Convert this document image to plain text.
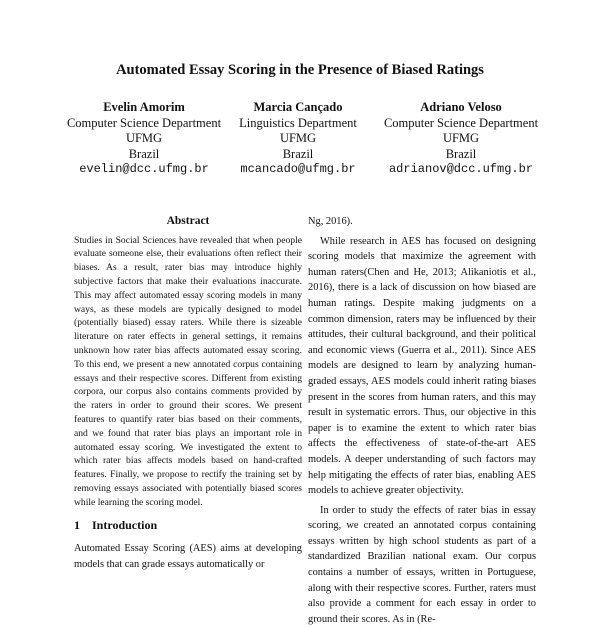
Automated Essay Scoring in the Presence of Biased Ratings
Evelin Amorim
Computer Science Department
UFMG
Brazil
evelin@dcc.ufmg.br
Marcia Cançado
Linguistics Department
UFMG
Brazil
mcancado@ufmg.br
Adriano Veloso
Computer Science Department
UFMG
Brazil
adrianov@dcc.ufmg.br
Abstract

Studies in Social Sciences have revealed that when people evaluate someone else, their evaluations often reflect their biases. As a result, rater bias may introduce highly subjective factors that make their evaluations inaccurate. This may affect automated essay scoring models in many ways, as these models are typically designed to model (potentially biased) essay raters. While there is sizeable literature on rater effects in general settings, it remains unknown how rater bias affects automated essay scoring. To this end, we present a new annotated corpus containing essays and their respective scores. Different from existing corpora, our corpus also contains comments provided by the raters in order to ground their scores. We present features to quantify rater bias based on their comments, and we found that rater bias plays an important role in automated essay scoring. We investigated the extent to which rater bias affects models based on hand-crafted features. Finally, we propose to rectify the training set by removing essays associated with potentially biased scores while learning the scoring model.

1 Introduction

Automated Essay Scoring (AES) aims at developing models that can grade essays automatically or

Ng, 2016).

While research in AES has focused on designing scoring models that maximize the agreement with human raters(Chen and He, 2013; Alikaniotis et al., 2016), there is a lack of discussion on how biased are human ratings. Despite making judgments on a common dimension, raters may be influenced by their attitudes, their cultural background, and their political and economic views (Guerra et al., 2011). Since AES models are designed to learn by analyzing human-graded essays, AES models could inherit rating biases present in the scores from human raters, and this may result in systematic errors. Thus, our objective in this paper is to examine the extent to which rater bias affects the effectiveness of state-of-the-art AES models. A deeper understanding of such factors may help mitigating the effects of rater bias, enabling AES models to achieve greater objectivity.

In order to study the effects of rater bias in essay scoring, we created an annotated corpus containing essays written by high school students as part of a standardized Brazilian national exam. Our corpus contains a number of essays, written in Portuguese, along with their respective scores. Further, raters must also provide a comment for each essay in order to ground their scores. As in (Re-
